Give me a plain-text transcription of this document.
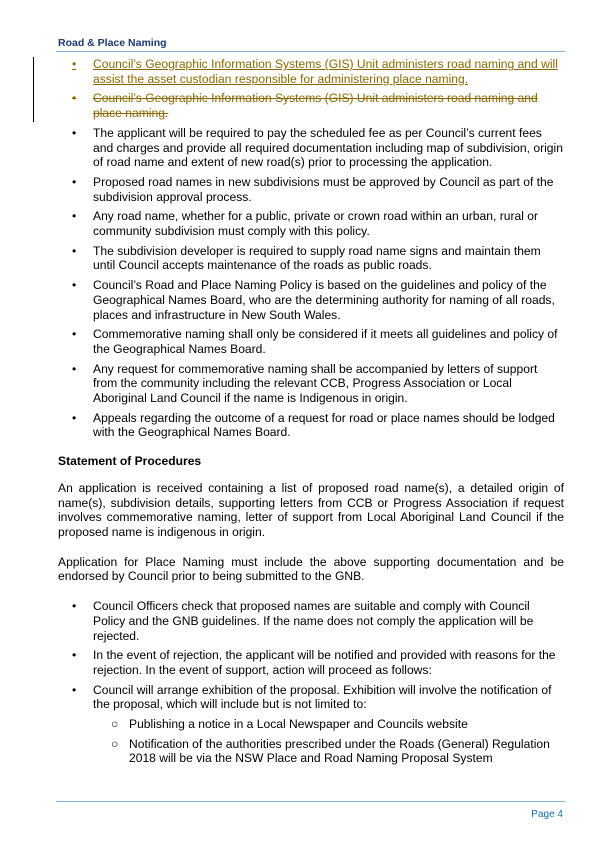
Road & Place Naming
•	Council’s Geographic Information Systems (GIS) Unit administers road naming and will assist the asset custodian responsible for administering place naming.
•	Council’s Geographic Information Systems (GIS) Unit administers road naming and place naming.
•	The applicant will be required to pay the scheduled fee as per Council’s current fees and charges and provide all required documentation including map of subdivision, origin of road name and extent of new road(s) prior to processing the application.
•	Proposed road names in new subdivisions must be approved by Council as part of the subdivision approval process.
•	Any road name, whether for a public, private or crown road within an urban, rural or community subdivision must comply with this policy.
•	The subdivision developer is required to supply road name signs and maintain them until Council accepts maintenance of the roads as public roads.
•	Council’s Road and Place Naming Policy is based on the guidelines and policy of the Geographical Names Board, who are the determining authority for naming of all roads, places and infrastructure in New South Wales.
•	Commemorative naming shall only be considered if it meets all guidelines and policy of the Geographical Names Board.
•	Any request for commemorative naming shall be accompanied by letters of support from the community including the relevant CCB, Progress Association or Local Aboriginal Land Council if the name is Indigenous in origin.
•	Appeals regarding the outcome of a request for road or place names should be lodged with the Geographical Names Board.
Statement of Procedures

An application is received containing a list of proposed road name(s), a detailed origin of name(s), subdivision details, supporting letters from CCB or Progress Association if request involves commemorative naming, letter of support from Local Aboriginal Land Council if the proposed name is indigenous in origin.

Application for Place Naming must include the above supporting documentation and be endorsed by Council prior to being submitted to the GNB.

•	Council Officers check that proposed names are suitable and comply with Council Policy and the GNB guidelines. If the name does not comply the application will be rejected.
•	In the event of rejection, the applicant will be notified and provided with reasons for the rejection. In the event of support, action will proceed as follows:
•	Council will arrange exhibition of the proposal. Exhibition will involve the notification of the proposal, which will include but is not limited to:
○ Publishing a notice in a Local Newspaper and Councils website
○ Notification of the authorities prescribed under the Roads (General) Regulation 2018 will be via the NSW Place and Road Naming Proposal System
Page 4
